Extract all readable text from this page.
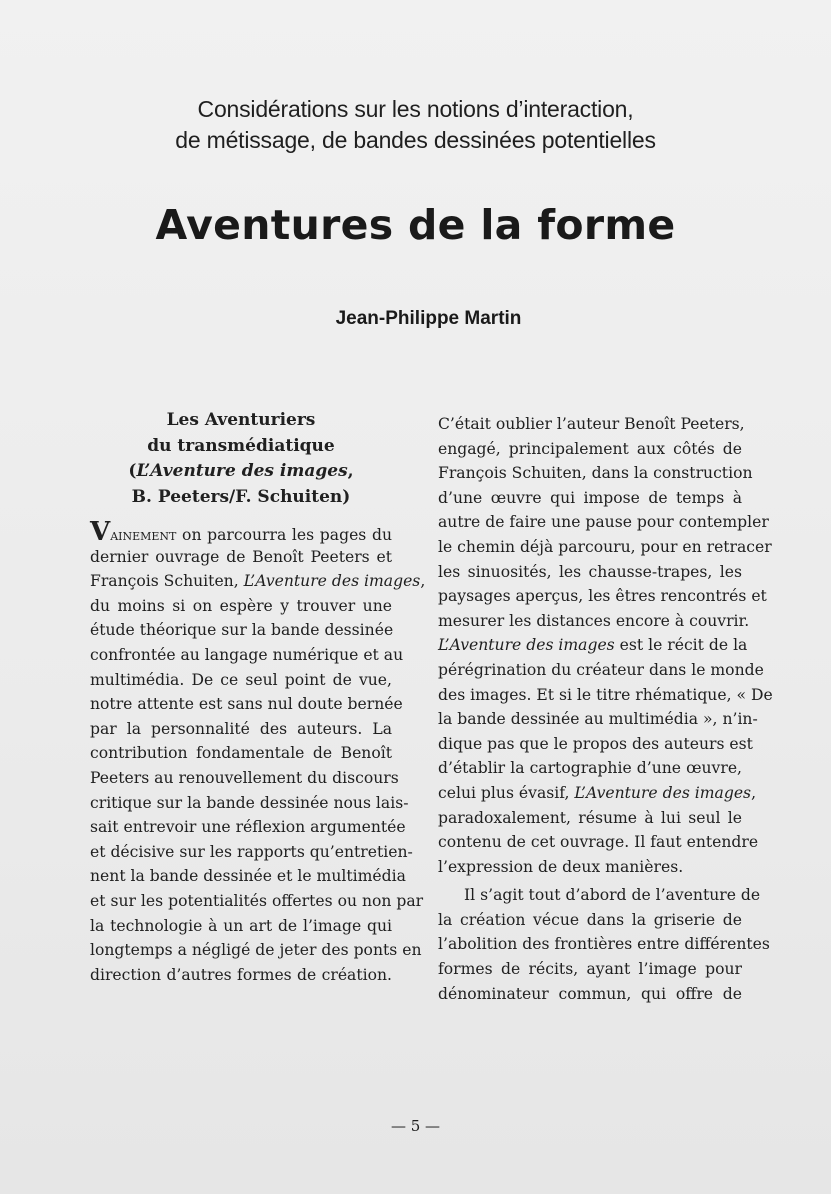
Considérations sur les notions d’interaction,
de métissage, de bandes dessinées potentielles
Aventures de la forme
Jean-Philippe Martin
Les Aventuriers
du transmédiatique
(L’Aventure des images,
B. Peeters/F. Schuiten)
Vainement on parcourra les pages du
dernier ouvrage de Benoît Peeters et
François Schuiten, L’Aventure des images,
du moins si on espère y trouver une
étude théorique sur la bande dessinée
confrontée au langage numérique et au
multimédia. De ce seul point de vue,
notre attente est sans nul doute bernée
par la personnalité des auteurs. La
contribution fondamentale de Benoît
Peeters au renouvellement du discours
critique sur la bande dessinée nous lais-
sait entrevoir une réflexion argumentée
et décisive sur les rapports qu’entretien-
nent la bande dessinée et le multimédia
et sur les potentialités offertes ou non par
la technologie à un art de l’image qui
longtemps a négligé de jeter des ponts en
direction d’autres formes de création.
C’était oublier l’auteur Benoît Peeters,
engagé, principalement aux côtés de
François Schuiten, dans la construction
d’une œuvre qui impose de temps à
autre de faire une pause pour contempler
le chemin déjà parcouru, pour en retracer
les sinuosités, les chausse-trapes, les
paysages aperçus, les êtres rencontrés et
mesurer les distances encore à couvrir.
L’Aventure des images est le récit de la
pérégrination du créateur dans le monde
des images. Et si le titre rhématique, « De
la bande dessinée au multimédia », n’in-
dique pas que le propos des auteurs est
d’établir la cartographie d’une œuvre,
celui plus évasif, L’Aventure des images,
paradoxalement, résume à lui seul le
contenu de cet ouvrage. Il faut entendre
l’expression de deux manières.
Il s’agit tout d’abord de l’aventure de
la création vécue dans la griserie de
l’abolition des frontières entre différentes
formes de récits, ayant l’image pour
dénominateur commun, qui offre de
— 5 —
